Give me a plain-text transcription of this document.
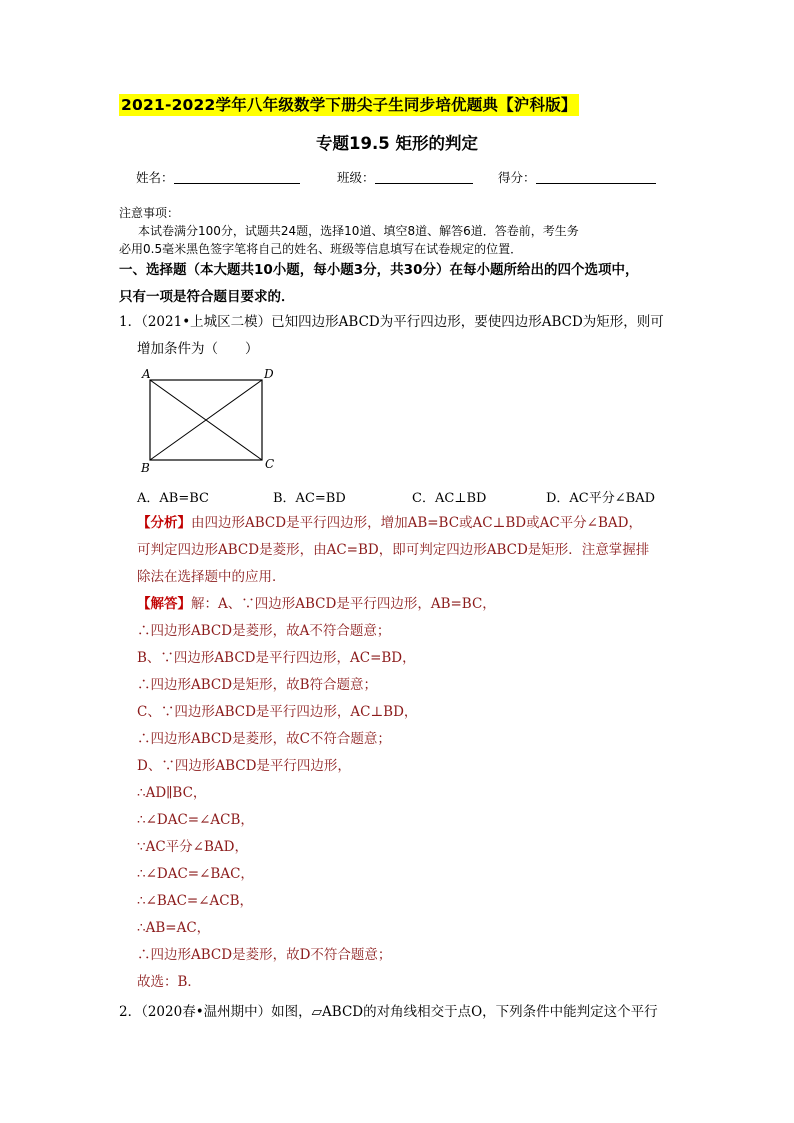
2021-2022学年八年级数学下册尖子生同步培优题典【沪科版】
专题19.5 矩形的判定
姓名：	班级：	得分：
注意事项：
本试卷满分100分，试题共24题，选择10道、填空8道、解答6道．答卷前，考生务
必用0.5毫米黑色签字笔将自己的姓名、班级等信息填写在试卷规定的位置．
一、选择题（本大题共10小题，每小题3分，共30分）在每小题所给出的四个选项中，
只有一项是符合题目要求的．
1．（2021•上城区二模）已知四边形ABCD为平行四边形，要使四边形ABCD为矩形，则可
增加条件为（　　）
A	D
B	C
A．AB=BC	B．AC=BD	C．AC⊥BD	D．AC平分∠BAD
【分析】由四边形ABCD是平行四边形，增加AB=BC或AC⊥BD或AC平分∠BAD，
可判定四边形ABCD是菱形，由AC=BD，即可判定四边形ABCD是矩形．注意掌握排
除法在选择题中的应用．
【解答】解：A、∵四边形ABCD是平行四边形，AB=BC，
∴四边形ABCD是菱形，故A不符合题意；
B、∵四边形ABCD是平行四边形，AC=BD，
∴四边形ABCD是矩形，故B符合题意；
C、∵四边形ABCD是平行四边形，AC⊥BD，
∴四边形ABCD是菱形，故C不符合题意；
D、∵四边形ABCD是平行四边形，
∴AD∥BC，
∴∠DAC=∠ACB，
∵AC平分∠BAD，
∴∠DAC=∠BAC，
∴∠BAC=∠ACB，
∴AB=AC，
∴四边形ABCD是菱形，故D不符合题意；
故选：B．
2．（2020春•温州期中）如图，▱ABCD的对角线相交于点O，下列条件中能判定这个平行
